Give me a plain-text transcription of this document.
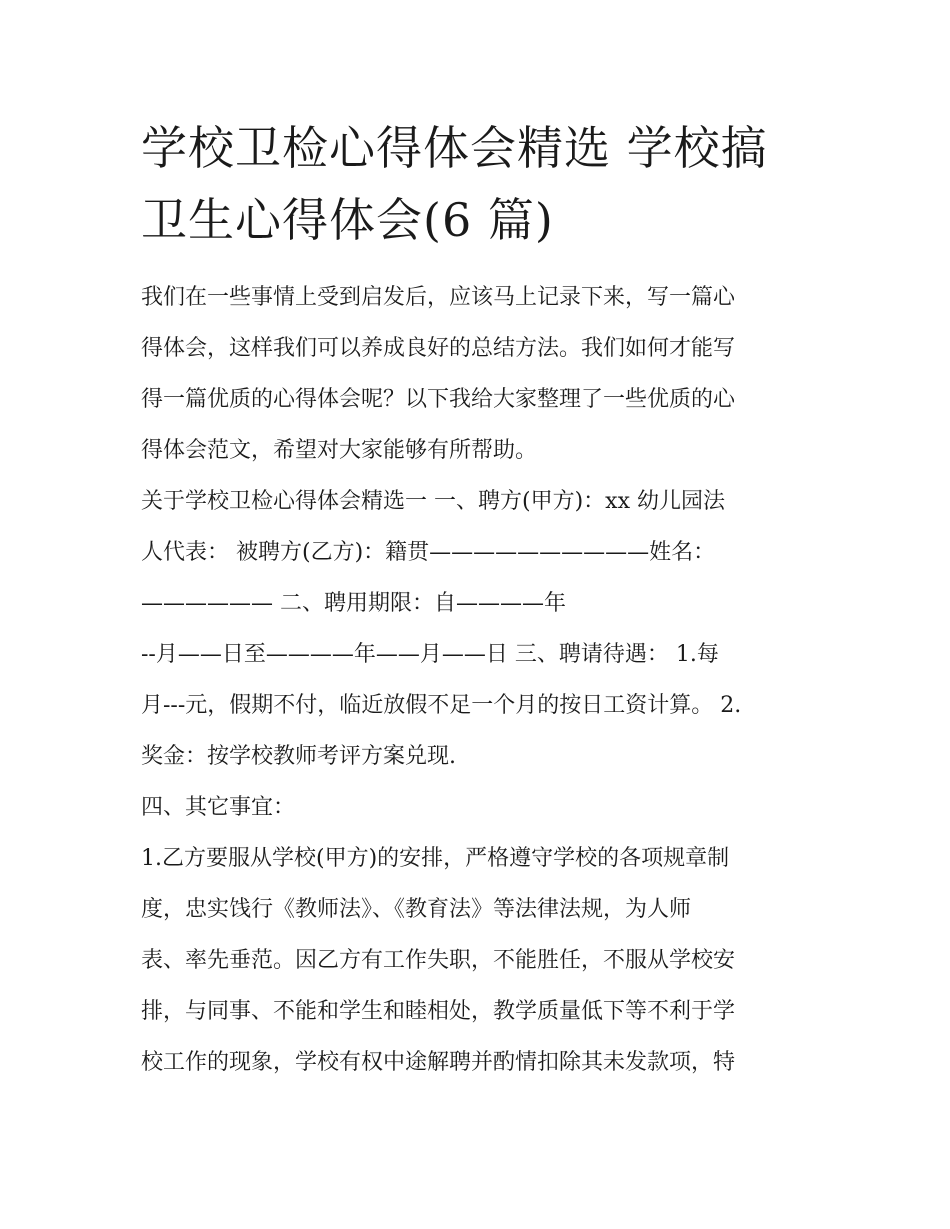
学校卫检心得体会精选 学校搞
卫生心得体会(6 篇)
我们在一些事情上受到启发后，应该马上记录下来，写一篇心
得体会，这样我们可以养成良好的总结方法。我们如何才能写
得一篇优质的心得体会呢？以下我给大家整理了一些优质的心
得体会范文，希望对大家能够有所帮助。
关于学校卫检心得体会精选一 一、聘方(甲方)：xx 幼儿园法
人代表： 被聘方(乙方)：籍贯——————————姓名：
—————— 二、聘用期限：自————年
--月——日至————年——月——日 三、聘请待遇： 1.每
月---元，假期不付，临近放假不足一个月的按日工资计算。 2.
奖金：按学校教师考评方案兑现.
四、其它事宜：
1.乙方要服从学校(甲方)的安排，严格遵守学校的各项规章制
度，忠实饯行《教师法》、《教育法》等法律法规，为人师
表、率先垂范。因乙方有工作失职，不能胜任，不服从学校安
排，与同事、不能和学生和睦相处，教学质量低下等不利于学
校工作的现象，学校有权中途解聘并酌情扣除其未发款项，特
